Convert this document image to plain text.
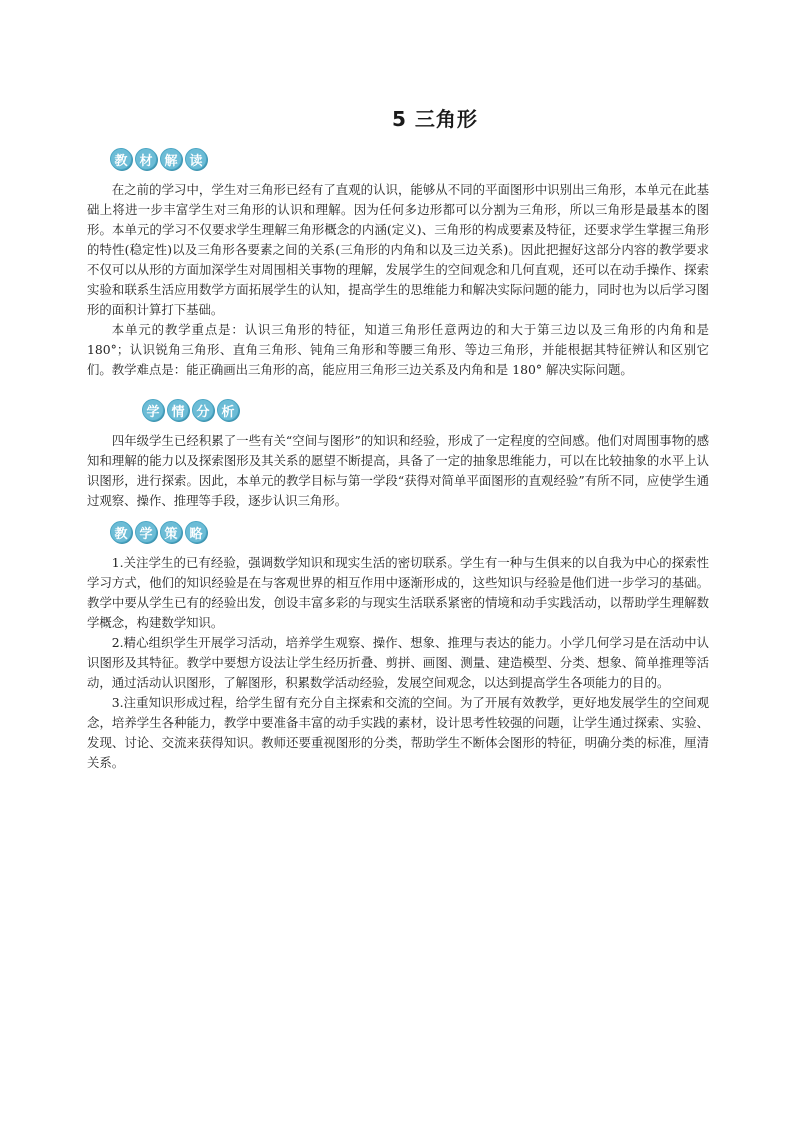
5 三角形
教 材 解 读

在之前的学习中，学生对三角形已经有了直观的认识，能够从不同的平面图形中识别出三角形，本单元在此基础上将进一步丰富学生对三角形的认识和理解。因为任何多边形都可以分割为三角形，所以三角形是最基本的图形。本单元的学习不仅要求学生理解三角形概念的内涵(定义)、三角形的构成要素及特征，还要求学生掌握三角形的特性(稳定性)以及三角形各要素之间的关系(三角形的内角和以及三边关系)。因此把握好这部分内容的教学要求不仅可以从形的方面加深学生对周围相关事物的理解，发展学生的空间观念和几何直观，还可以在动手操作、探索实验和联系生活应用数学方面拓展学生的认知，提高学生的思维能力和解决实际问题的能力，同时也为以后学习图形的面积计算打下基础。

本单元的教学重点是：认识三角形的特征，知道三角形任意两边的和大于第三边以及三角形的内角和是180°；认识锐角三角形、直角三角形、钝角三角形和等腰三角形、等边三角形，并能根据其特征辨认和区别它们。教学难点是：能正确画出三角形的高，能应用三角形三边关系及内角和是 180° 解决实际问题。

学 情 分 析

四年级学生已经积累了一些有关“空间与图形”的知识和经验，形成了一定程度的空间感。他们对周围事物的感知和理解的能力以及探索图形及其关系的愿望不断提高，具备了一定的抽象思维能力，可以在比较抽象的水平上认识图形，进行探索。因此，本单元的教学目标与第一学段“获得对简单平面图形的直观经验”有所不同，应使学生通过观察、操作、推理等手段，逐步认识三角形。

教 学 策 略

1.关注学生的已有经验，强调数学知识和现实生活的密切联系。学生有一种与生俱来的以自我为中心的探索性学习方式，他们的知识经验是在与客观世界的相互作用中逐渐形成的，这些知识与经验是他们进一步学习的基础。教学中要从学生已有的经验出发，创设丰富多彩的与现实生活联系紧密的情境和动手实践活动，以帮助学生理解数学概念，构建数学知识。

2.精心组织学生开展学习活动，培养学生观察、操作、想象、推理与表达的能力。小学几何学习是在活动中认识图形及其特征。教学中要想方设法让学生经历折叠、剪拼、画图、测量、建造模型、分类、想象、简单推理等活动，通过活动认识图形，了解图形，积累数学活动经验，发展空间观念，以达到提高学生各项能力的目的。

3.注重知识形成过程，给学生留有充分自主探索和交流的空间。为了开展有效教学，更好地发展学生的空间观念，培养学生各种能力，教学中要准备丰富的动手实践的素材，设计思考性较强的问题，让学生通过探索、实验、发现、讨论、交流来获得知识。教师还要重视图形的分类，帮助学生不断体会图形的特征，明确分类的标准，厘清关系。
